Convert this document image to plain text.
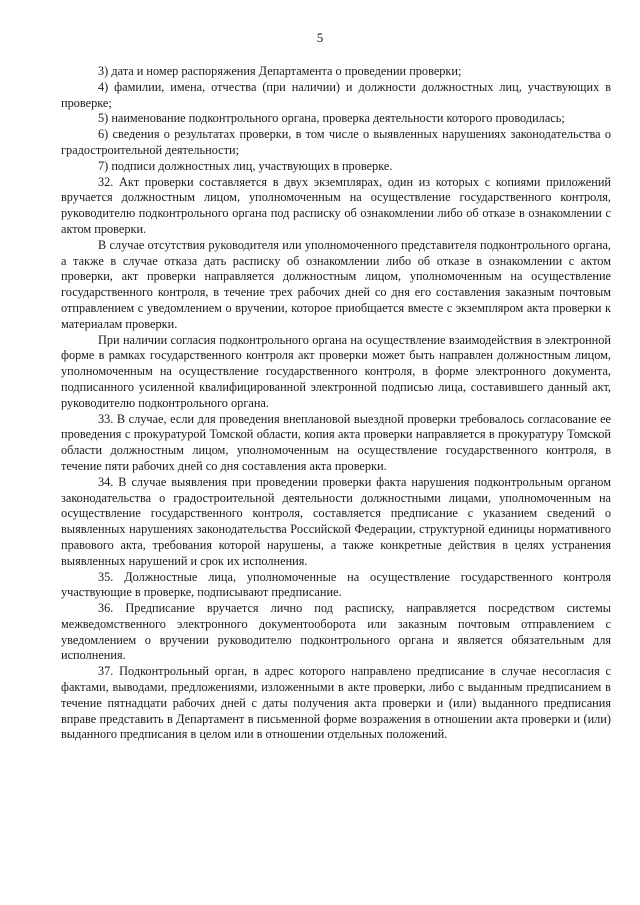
5

3) дата и номер распоряжения Департамента о проведении проверки;

4) фамилии, имена, отчества (при наличии) и должности должностных лиц, участвующих в проверке;

5) наименование подконтрольного органа, проверка деятельности которого проводилась;

6) сведения о результатах проверки, в том числе о выявленных нарушениях законодательства о градостроительной деятельности;

7) подписи должностных лиц, участвующих в проверке.

32. Акт проверки составляется в двух экземплярах, один из которых с копиями приложений вручается должностным лицом, уполномоченным на осуществление государственного контроля, руководителю подконтрольного органа под расписку об ознакомлении либо об отказе в ознакомлении с актом проверки.

В случае отсутствия руководителя или уполномоченного представителя подконтрольного органа, а также в случае отказа дать расписку об ознакомлении либо об отказе в ознакомлении с актом проверки, акт проверки направляется должностным лицом, уполномоченным на осуществление государственного контроля, в течение трех рабочих дней со дня его составления заказным почтовым отправлением с уведомлением о вручении, которое приобщается вместе с экземпляром акта проверки к материалам проверки.

При наличии согласия подконтрольного органа на осуществление взаимодействия в электронной форме в рамках государственного контроля акт проверки может быть направлен должностным лицом, уполномоченным на осуществление государственного контроля, в форме электронного документа, подписанного усиленной квалифицированной электронной подписью лица, составившего данный акт, руководителю подконтрольного органа.

33. В случае, если для проведения внеплановой выездной проверки требовалось согласование ее проведения с прокуратурой Томской области, копия акта проверки направляется в прокуратуру Томской области должностным лицом, уполномоченным на осуществление государственного контроля, в течение пяти рабочих дней со дня составления акта проверки.

34. В случае выявления при проведении проверки факта нарушения подконтрольным органом законодательства о градостроительной деятельности должностными лицами, уполномоченным на осуществление государственного контроля, составляется предписание с указанием сведений о выявленных нарушениях законодательства Российской Федерации, структурной единицы нормативного правового акта, требования которой нарушены, а также конкретные действия в целях устранения выявленных нарушений и срок их исполнения.

35. Должностные лица, уполномоченные на осуществление государственного контроля участвующие в проверке, подписывают предписание.

36. Предписание вручается лично под расписку, направляется посредством системы межведомственного электронного документооборота или заказным почтовым отправлением с уведомлением о вручении руководителю подконтрольного органа и является обязательным для исполнения.

37. Подконтрольный орган, в адрес которого направлено предписание в случае несогласия с фактами, выводами, предложениями, изложенными в акте проверки, либо с выданным предписанием в течение пятнадцати рабочих дней с даты получения акта проверки и (или) выданного предписания вправе представить в Департамент в письменной форме возражения в отношении акта проверки и (или) выданного предписания в целом или в отношении отдельных положений.
